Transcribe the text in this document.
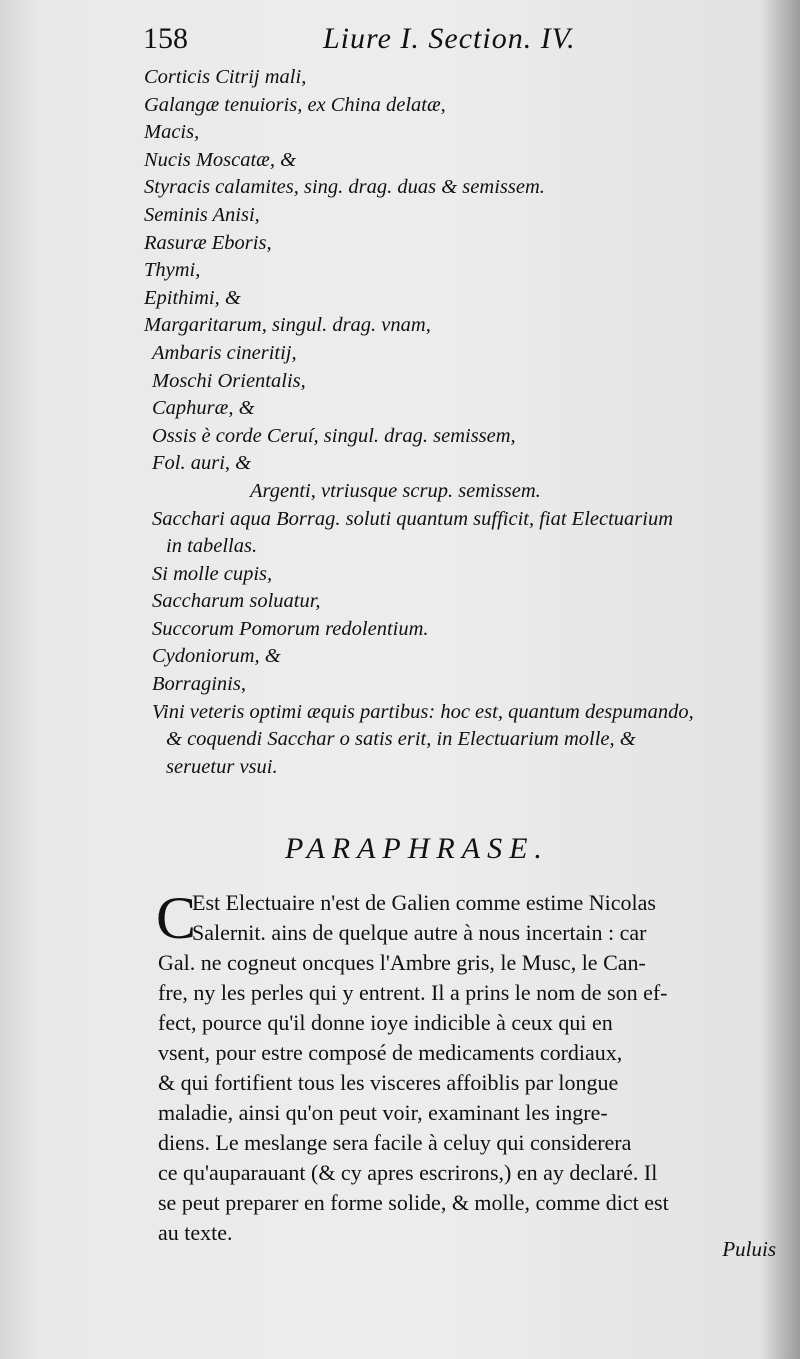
158	Liure I. Section. IV.
Corticis Citrij mali,
Galangæ tenuioris, ex China delatæ,
Macis,
Nucis Moscatæ, &
Styracis calamites, sing. drag. duas & semissem.
Seminis Anisi,
Rasuræ Eboris,
Thymi,
Epithimi, &
Margaritarum, singul. drag. vnam,
Ambaris cineritij,
Moschi Orientalis,
Caphuræ, &
Ossis è corde Ceruí, singul. drag. semissem,
Fol. auri, &
Argenti, vtriusque scrup. semissem.
Sacchari aqua Borrag. soluti quantum sufficit, fiat Electuarium
in tabellas.
Si molle cupis,
Saccharum soluatur,
Succorum Pomorum redolentium.
Cydoniorum, &
Borraginis,
Vini veteris optimi æquis partibus: hoc est, quantum despumando,
& coquendi Sacchar o satis erit, in Electuarium molle, &
seruetur vsui.
PARAPHRASE.
C
Est Electuaire n'est de Galien comme estime Nicolas
Salernit. ains de quelque autre à nous incertain : car
Gal. ne cogneut oncques l'Ambre gris, le Musc, le Can-
fre, ny les perles qui y entrent. Il a prins le nom de son ef-
fect, pource qu'il donne ioye indicible à ceux qui en
vsent, pour estre composé de medicaments cordiaux,
& qui fortifient tous les visceres affoiblis par longue
maladie, ainsi qu'on peut voir, examinant les ingre-
diens. Le meslange sera facile à celuy qui considerera
ce qu'auparauant (& cy apres escrirons,) en ay declaré. Il
se peut preparer en forme solide, & molle, comme dict est
au texte.
Puluis
